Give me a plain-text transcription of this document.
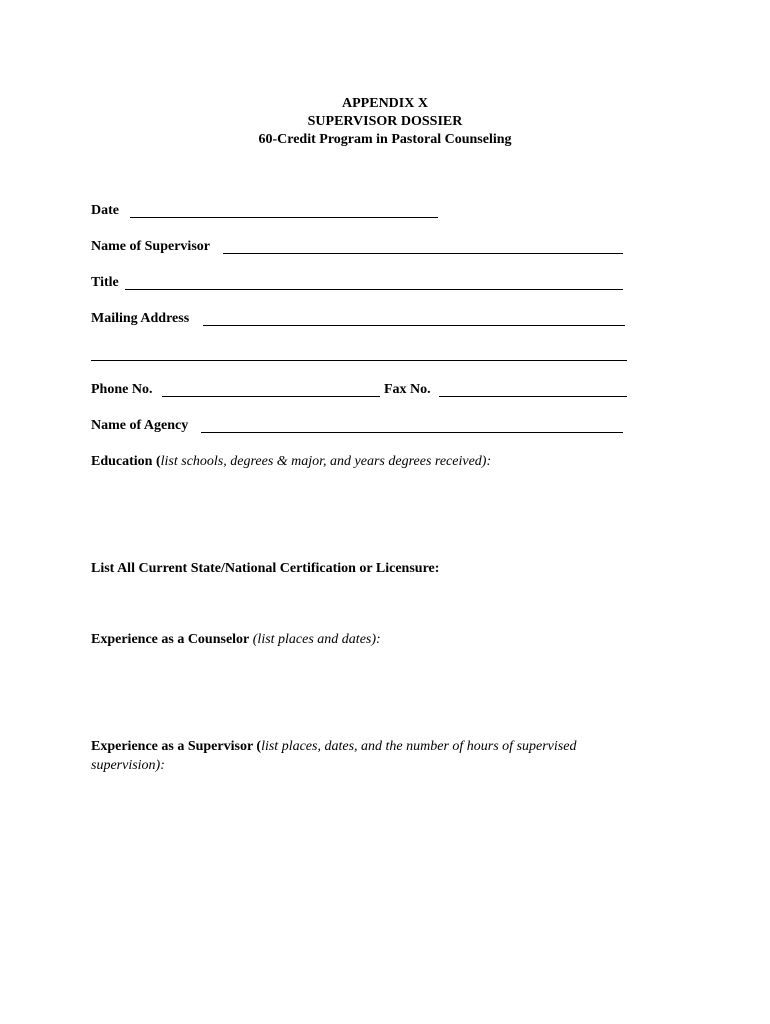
APPENDIX X
SUPERVISOR DOSSIER
60-Credit Program in Pastoral Counseling
Date
Name of Supervisor
Title
Mailing Address
Phone No.	Fax No.
Name of Agency
Education (list schools, degrees & major, and years degrees received):
List All Current State/National Certification or Licensure:
Experience as a Counselor (list places and dates):
Experience as a Supervisor (list places, dates, and the number of hours of supervised supervision):
